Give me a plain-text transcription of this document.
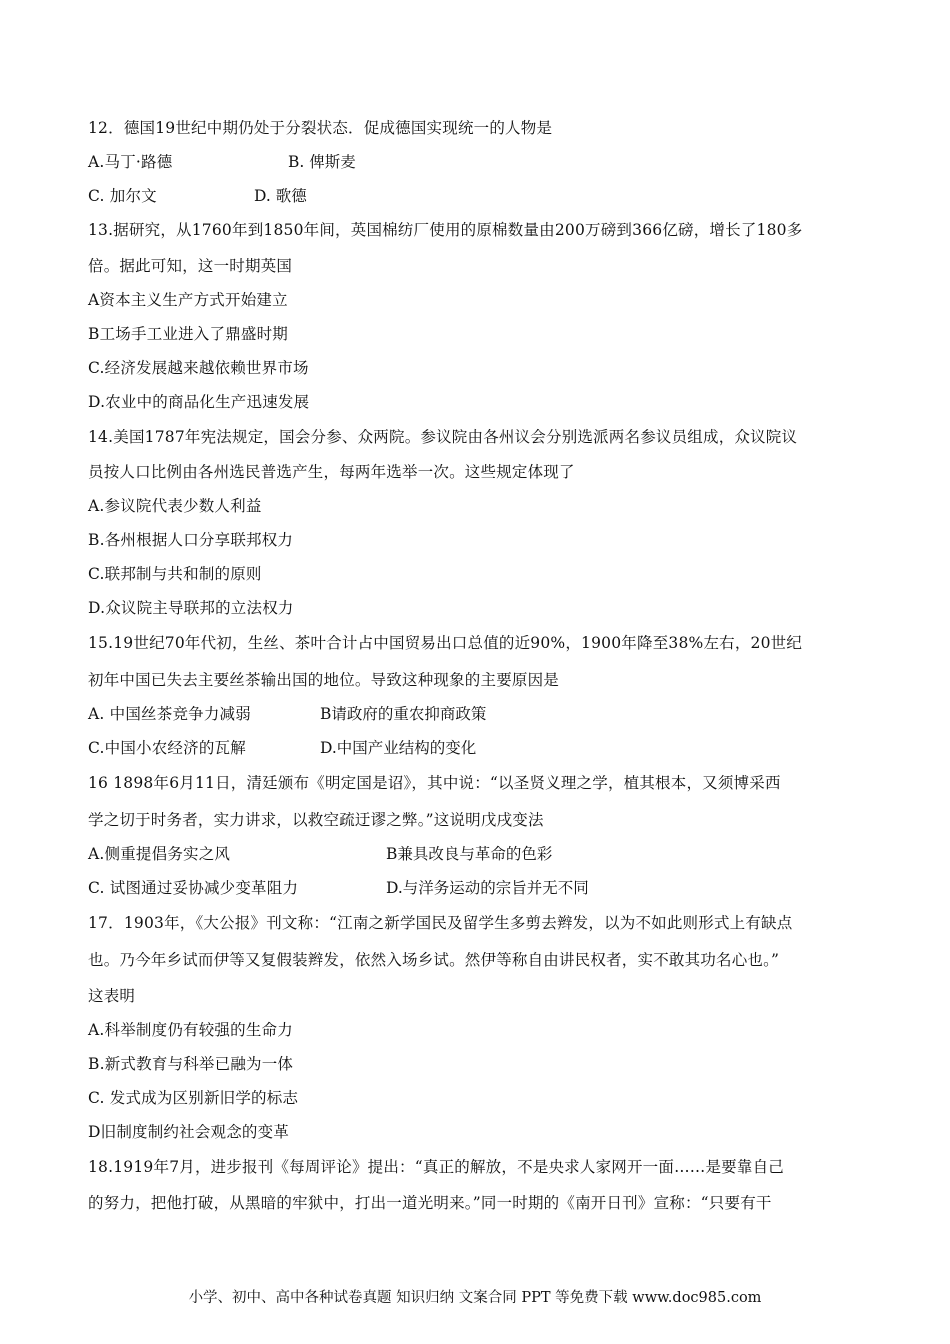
12．德国19世纪中期仍处于分裂状态．促成德国实现统一的人物是
A.马丁·路德	B. 俾斯麦
C. 加尔文	D. 歌德
13.据研究，从1760年到1850年间，英国棉纺厂使用的原棉数量由200万磅到366亿磅，增长了180多
倍。据此可知，这一时期英国
A资本主义生产方式开始建立
B工场手工业进入了鼎盛时期
C.经济发展越来越依赖世界市场
D.农业中的商品化生产迅速发展
14.美国1787年宪法规定，国会分参、众两院。参议院由各州议会分别选派两名参议员组成，众议院议
员按人口比例由各州选民普选产生，每两年选举一次。这些规定体现了
A.参议院代表少数人利益
B.各州根据人口分享联邦权力
C.联邦制与共和制的原则
D.众议院主导联邦的立法权力
15.19世纪70年代初，生丝、茶叶合计占中国贸易出口总值的近90%，1900年降至38%左右，20世纪
初年中国已失去主要丝茶输出国的地位。导致这种现象的主要原因是
A. 中国丝茶竞争力减弱	B请政府的重农抑商政策
C.中国小农经济的瓦解	D.中国产业结构的变化
16 1898年6月11日，清廷颁布《明定国是诏》，其中说：“以圣贤义理之学，植其根本，又须博采西
学之切于时务者，实力讲求，以救空疏迂谬之弊。”这说明戊戌变法
A.侧重提倡务实之风	B兼具改良与革命的色彩
C. 试图通过妥协减少变革阻力	D.与洋务运动的宗旨并无不同
17．1903年，《大公报》刊文称：“江南之新学国民及留学生多剪去辫发，以为不如此则形式上有缺点
也。乃今年乡试而伊等又复假装辫发，依然入场乡试。然伊等称自由讲民权者，实不敢其功名心也。”
这表明
A.科举制度仍有较强的生命力
B.新式教育与科举已融为一体
C. 发式成为区别新旧学的标志
D旧制度制约社会观念的变革
18.1919年7月，进步报刊《每周评论》提出：“真正的解放，不是央求人家网开一面……是要靠自己
的努力，把他打破，从黑暗的牢狱中，打出一道光明来。”同一时期的《南开日刊》宣称：“只要有干
小学、初中、高中各种试卷真题 知识归纳 文案合同 PPT 等免费下载 www.doc985.com
